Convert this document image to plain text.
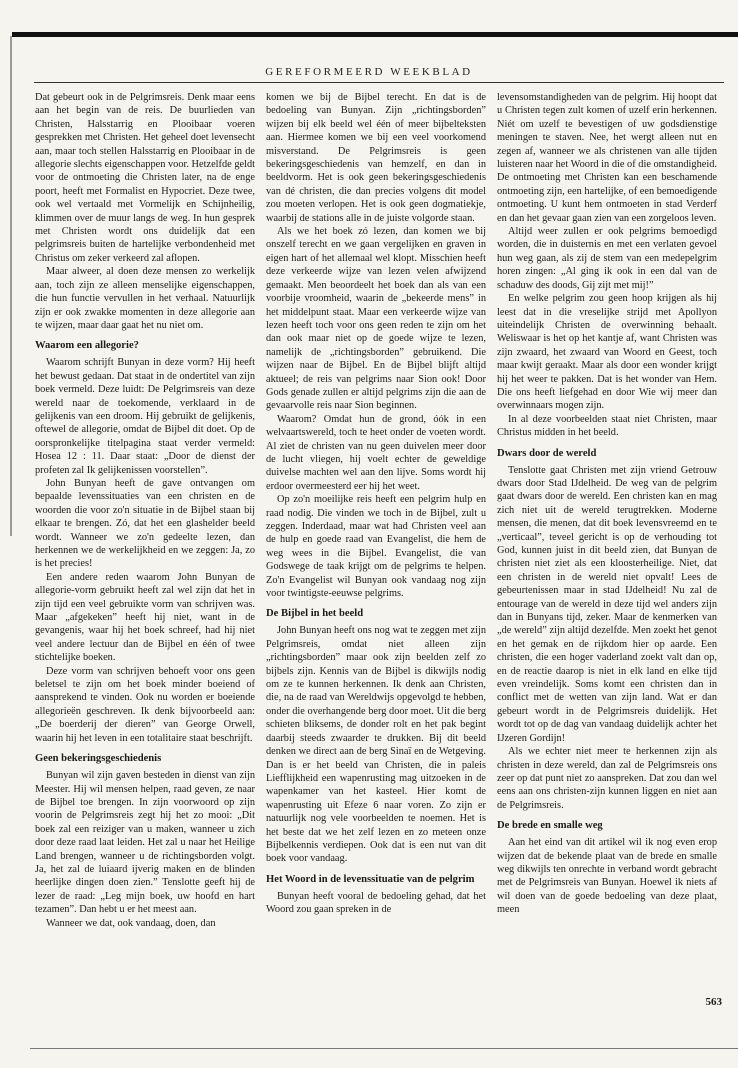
GEREFORMEERD WEEKBLAD

Dat gebeurt ook in de Pelgrimsreis. Denk maar eens aan het begin van de reis. De buurlieden van Christen, Halsstarrig en Plooibaar voeren gesprekken met Christen. Het geheel doet levensecht aan, maar toch stellen Halsstarrig en Plooibaar in de allegorie slechts eigenschappen voor. Hetzelfde geldt voor de ontmoeting die Christen later, na de enge poort, heeft met Formalist en Hypocriet. Deze twee, ook wel vertaald met Vormelijk en Schijnheilig, klimmen over de muur langs de weg. In hun gesprek met Christen wordt ons duidelijk dat een pelgrimsreis buiten de hartelijke verbondenheid met Christus om zeker verkeerd zal aflopen.

Maar alweer, al doen deze mensen zo werkelijk aan, toch zijn ze alleen menselijke eigenschappen, die hun functie vervullen in het verhaal. Natuurlijk zijn er ook zwakke momenten in deze allegorie aan te wijzen, maar daar gaat het nu niet om.

Waarom een allegorie?

Waarom schrijft Bunyan in deze vorm? Hij heeft het bewust gedaan. Dat staat in de ondertitel van zijn boek vermeld. Deze luidt: De Pelgrimsreis van deze wereld naar de toekomende, verklaard in de gelijkenis van een droom. Hij gebruikt de gelijkenis, oftewel de allegorie, omdat de Bijbel dit doet. Op de oorspronkelijke titelpagina staat verder vermeld: Hosea 12 : 11. Daar staat: „Door de dienst der profeten zal Ik gelijkenissen voorstellen”.

John Bunyan heeft de gave ontvangen om bepaalde levenssituaties van een christen en de woorden die voor zo'n situatie in de Bijbel staan bij elkaar te brengen. Zó, dat het een glashelder beeld wordt. Wanneer we zo'n gedeelte lezen, dan herkennen we de werkelijkheid en we zeggen: Ja, zo is het precies!

Een andere reden waarom John Bunyan de allegorie-vorm gebruikt heeft zal wel zijn dat het in zijn tijd een veel gebruikte vorm van schrijven was. Maar „afgekeken” heeft hij niet, want in de gevangenis, waar hij het boek schreef, had hij niet veel andere lectuur dan de Bijbel en één of twee stichtelijke boeken.

Deze vorm van schrijven behoeft voor ons geen beletsel te zijn om het boek minder boeiend of aansprekend te vinden. Ook nu worden er boeiende allegorieën geschreven. Ik denk bijvoorbeeld aan: „De boerderij der dieren” van George Orwell, waarin hij het leven in een totalitaire staat beschrijft.

Geen bekeringsgeschiedenis

Bunyan wil zijn gaven besteden in dienst van zijn Meester. Hij wil mensen helpen, raad geven, ze naar de Bijbel toe brengen. In zijn voorwoord op zijn voorin de Pelgrimsreis zegt hij het zo mooi: „Dit boek zal een reiziger van u maken, wanneer u zich door deze raad laat leiden. Het zal u naar het Heilige Land brengen, wanneer u de richtingsborden volgt. Ja, het zal de luiaard ijverig maken en de blinden heerlijke dingen doen zien.” Tenslotte geeft hij de lezer de raad: „Leg mijn boek, uw hoofd en hart tezamen”. Dan hebt u er het meest aan.

Wanneer we dat, ook vandaag, doen, dan

komen we bij de Bijbel terecht. En dat is de bedoeling van Bunyan. Zijn „richtingsborden” wijzen bij elk beeld wel één of meer bijbelteksten aan. Hiermee komen we bij een veel voorkomend misverstand. De Pelgrimsreis is geen bekeringsgeschiedenis van hemzelf, en dan in beeldvorm. Het is ook geen bekeringsgeschiedenis van dé christen, die dan precies volgens dit model zou moeten verlopen. Het is ook geen dogmatiekje, waarbij de stations alle in de juiste volgorde staan.

Als we het boek zó lezen, dan komen we bij onszelf terecht en we gaan vergelijken en graven in eigen hart of het allemaal wel klopt. Misschien heeft deze verkeerde wijze van lezen velen afwijzend gemaakt. Men beoordeelt het boek dan als van een voorbije vroomheid, waarin de „bekeerde mens” in het middelpunt staat. Maar een verkeerde wijze van lezen heeft toch voor ons geen reden te zijn om het dan ook maar niet op de goede wijze te lezen, namelijk de „richtingsborden” gebruikend. Die wijzen naar de Bijbel. En de Bijbel blijft altijd aktueel; de reis van pelgrims naar Sion ook! Door Gods genade zullen er altijd pelgrims zijn die aan de gevaarvolle reis naar Sion beginnen.

Waarom? Omdat hun de grond, óók in een welvaartswereld, toch te heet onder de voeten wordt. Al ziet de christen van nu geen duivelen meer door de lucht vliegen, hij voelt echter de geweldige duivelse machten wel aan den lijve. Soms wordt hij erdoor overmeesterd eer hij het weet.

Op zo'n moeilijke reis heeft een pelgrim hulp en raad nodig. Die vinden we toch in de Bijbel, zult u zeggen. Inderdaad, maar wat had Christen veel aan de hulp en goede raad van Evangelist, die hem de weg wees in die Bijbel. Evangelist, die van Godswege de taak krijgt om de pelgrims te helpen. Zo'n Evangelist wil Bunyan ook vandaag nog zijn voor twintigste-eeuwse pelgrims.

De Bijbel in het beeld

John Bunyan heeft ons nog wat te zeggen met zijn Pelgrimsreis, omdat niet alleen zijn „richtingsborden” maar ook zijn beelden zelf zo bijbels zijn. Kennis van de Bijbel is dikwijls nodig om ze te kunnen herkennen. Ik denk aan Christen, die, na de raad van Wereldwijs opgevolgd te hebben, onder die overhangende berg door moet. Uit die berg schieten bliksems, de donder rolt en het pak begint daarbij steeds zwaarder te drukken. Bij dit beeld denken we direct aan de berg Sinaï en de Wetgeving. Dan is er het beeld van Christen, die in paleis Liefflijkheid een wapenrusting mag uitzoeken in de wapenkamer van het kasteel. Hier komt de wapenrusting uit Efeze 6 naar voren. Zo zijn er natuurlijk nog vele voorbeelden te noemen. Het is het beste dat we het zelf lezen en zo meteen onze Bijbelkennis verdiepen. Ook dat is een nut van dit boek voor vandaag.

Het Woord in de levenssituatie van de pelgrim

Bunyan heeft vooral de bedoeling gehad, dat het Woord zou gaan spreken in de

levensomstandigheden van de pelgrim. Hij hoopt dat u Christen tegen zult komen of uzelf erin herkennen. Niét om uzelf te bevestigen of uw godsdienstige meningen te staven. Nee, het wergt alleen nut en zegen af, wanneer we als christenen van alle tijden luisteren naar het Woord in die of die omstandigheid. De ontmoeting met Christen kan een beschamende ontmoeting zijn, een hartelijke, of een bemoedigende ontmoeting. U kunt hem ontmoeten in stad Verderf en dan het gevaar gaan zien van een zorgeloos leven.

Altijd weer zullen er ook pelgrims bemoedigd worden, die in duisternis en met een verlaten gevoel hun weg gaan, als zij de stem van een medepelgrim horen zingen: „Al ging ik ook in een dal van de schaduw des doods, Gij zijt met mij!”

En welke pelgrim zou geen hoop krijgen als hij leest dat in die vreselijke strijd met Apollyon uiteindelijk Christen de overwinning behaalt. Weliswaar is het op het kantje af, want Christen was zijn zwaard, het zwaard van Woord en Geest, toch maar kwijt geraakt. Maar als door een wonder krijgt hij het weer te pakken. Dat is het wonder van Hem. Die ons heeft liefgehad en door Wie wij meer dan overwinnaars mogen zijn.

In al deze voorbeelden staat niet Christen, maar Christus midden in het beeld.

Dwars door de wereld

Tenslotte gaat Christen met zijn vriend Getrouw dwars door Stad IJdelheid. De weg van de pelgrim gaat dwars door de wereld. Een christen kan en mag zich niet uit de wereld terugtrekken. Moderne mensen, die menen, dat dit boek levensvreemd en te „verticaal”, teveel gericht is op de verhouding tot God, kunnen juist in dit beeld zien, dat Bunyan de christen niet ziet als een kloosterheilige. Niet, dat een christen in de wereld niet opvalt! Lees de gebeurtenissen maar in stad IJdelheid! Nu zal de entourage van de wereld in deze tijd wel anders zijn dan in Bunyans tijd, zeker. Maar de kenmerken van „de wereld” zijn altijd dezelfde. Men zoekt het genot en het gemak en de rijkdom hier op aarde. Een christen, die een hoger vaderland zoekt valt dan op, en de reactie daarop is niet in elk land en elke tijd even vreindelijk. Soms komt een christen dan in conflict met de wetten van zijn land. Wat er dan gebeurt wordt in de Pelgrimsreis duidelijk. Het wordt tot op de dag van vandaag duidelijk achter het IJzeren Gordijn!

Als we echter niet meer te herkennen zijn als christen in deze wereld, dan zal de Pelgrimsreis ons zeer op dat punt niet zo aanspreken. Dat zou dan wel eens aan ons christen-zijn kunnen liggen en niet aan de Pelgrimsreis.

De brede en smalle weg

Aan het eind van dit artikel wil ik nog even erop wijzen dat de bekende plaat van de brede en smalle weg dikwijls ten onrechte in verband wordt gebracht met de Pelgrimsreis van Bunyan. Hoewel ik niets af wil doen van de goede bedoeling van deze plaat, meen

563
